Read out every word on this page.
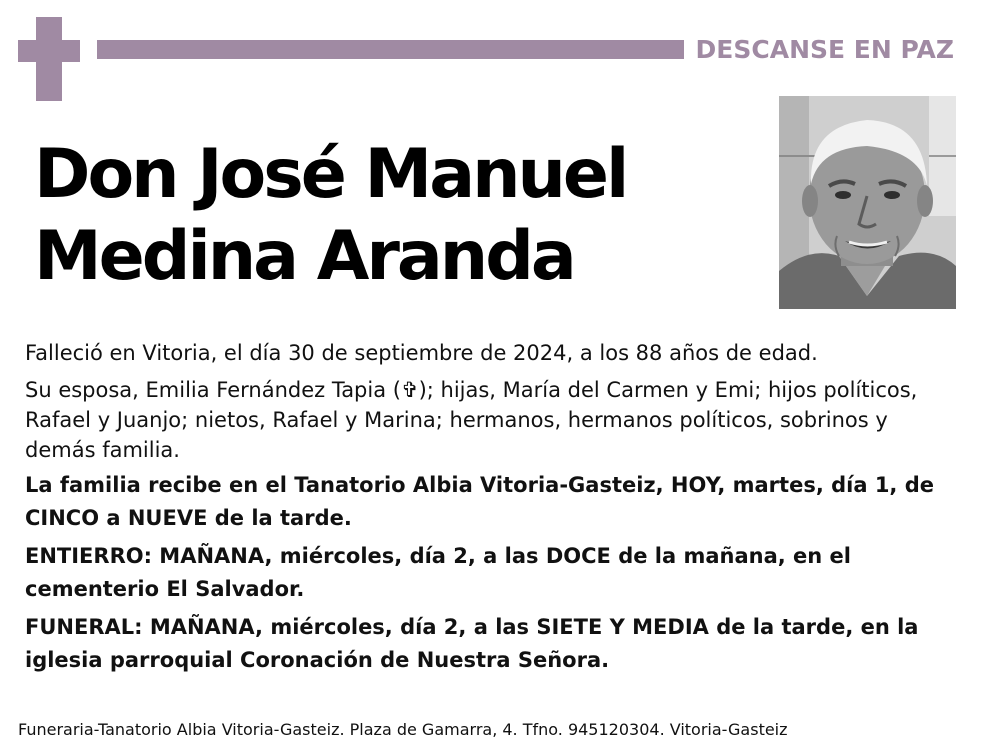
DESCANSE EN PAZ
Don José Manuel
Medina Aranda

Falleció en Vitoria, el día 30 de septiembre de 2024, a los 88 años de edad.

Su esposa, Emilia Fernández Tapia (✞); hijas, María del Carmen y Emi; hijos políticos, Rafael y Juanjo; nietos, Rafael y Marina; hermanos, hermanos políticos, sobrinos y demás familia.

La familia recibe en el Tanatorio Albia Vitoria-Gasteiz, HOY, martes, día 1, de CINCO a NUEVE de la tarde.

ENTIERRO: MAÑANA, miércoles, día 2, a las DOCE de la mañana, en el cementerio El Salvador.

FUNERAL: MAÑANA, miércoles, día 2, a las SIETE Y MEDIA de la tarde, en la iglesia parroquial Coronación de Nuestra Señora.

Funeraria-Tanatorio Albia Vitoria-Gasteiz. Plaza de Gamarra, 4. Tfno. 945120304. Vitoria-Gasteiz
